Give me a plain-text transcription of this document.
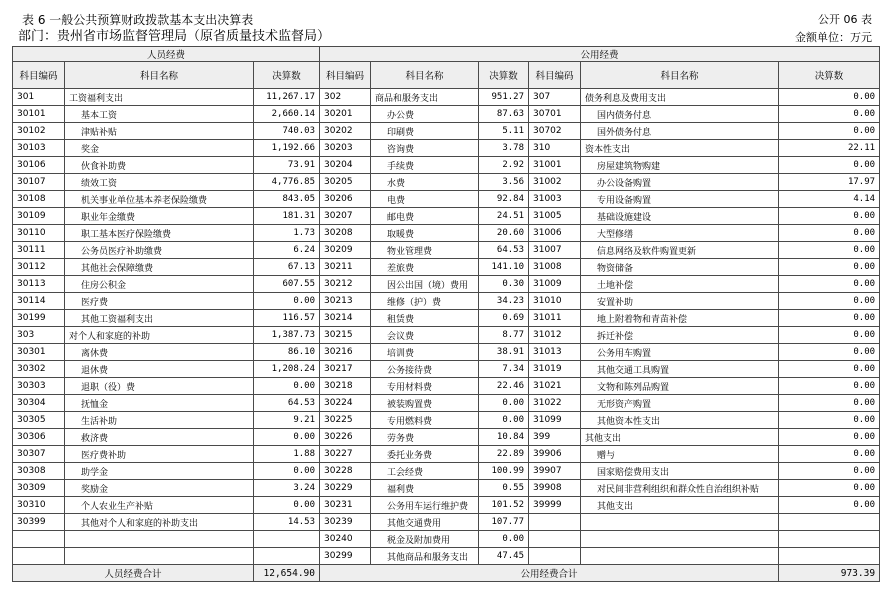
表 6 一般公共预算财政拨款基本支出决算表
部门：贵州省市场监督管理局（原省质量技术监督局）
公开 06 表
金额单位：万元
人员经费			公用经费					
科目编码	科目名称	决算数	科目编码	科目名称	决算数	科目编码	科目名称	决算数
301	工资福利支出	11,267.17	302	商品和服务支出	951.27	307	债务利息及费用支出	0.00
30101	基本工资	2,660.14	30201	办公费	87.63	30701	国内债务付息	0.00
30102	津贴补贴	740.03	30202	印刷费	5.11	30702	国外债务付息	0.00
30103	奖金	1,192.66	30203	咨询费	3.78	310	资本性支出	22.11
30106	伙食补助费	73.91	30204	手续费	2.92	31001	房屋建筑物购建	0.00
30107	绩效工资	4,776.85	30205	水费	3.56	31002	办公设备购置	17.97
30108	机关事业单位基本养老保险缴费	843.05	30206	电费	92.84	31003	专用设备购置	4.14
30109	职业年金缴费	181.31	30207	邮电费	24.51	31005	基础设施建设	0.00
30110	职工基本医疗保险缴费	1.73	30208	取暖费	20.60	31006	大型修缮	0.00
30111	公务员医疗补助缴费	6.24	30209	物业管理费	64.53	31007	信息网络及软件购置更新	0.00
30112	其他社会保障缴费	67.13	30211	差旅费	141.10	31008	物资储备	0.00
30113	住房公积金	607.55	30212	因公出国（境）费用	0.30	31009	土地补偿	0.00
30114	医疗费	0.00	30213	维修（护）费	34.23	31010	安置补助	0.00
30199	其他工资福利支出	116.57	30214	租赁费	0.69	31011	地上附着物和青苗补偿	0.00
303	对个人和家庭的补助	1,387.73	30215	会议费	8.77	31012	拆迁补偿	0.00
30301	离休费	86.10	30216	培训费	38.91	31013	公务用车购置	0.00
30302	退休费	1,208.24	30217	公务接待费	7.34	31019	其他交通工具购置	0.00
30303	退职（役）费	0.00	30218	专用材料费	22.46	31021	文物和陈列品购置	0.00
30304	抚恤金	64.53	30224	被装购置费	0.00	31022	无形资产购置	0.00
30305	生活补助	9.21	30225	专用燃料费	0.00	31099	其他资本性支出	0.00
30306	救济费	0.00	30226	劳务费	10.84	399	其他支出	0.00
30307	医疗费补助	1.88	30227	委托业务费	22.89	39906	赠与	0.00
30308	助学金	0.00	30228	工会经费	100.99	39907	国家赔偿费用支出	0.00
30309	奖励金	3.24	30229	福利费	0.55	39908	对民间非营利组织和群众性自治组织补贴	0.00
30310	个人农业生产补贴	0.00	30231	公务用车运行维护费	101.52	39999	其他支出	0.00
30399	其他对个人和家庭的补助支出	14.53	30239	其他交通费用	107.77			
			30240	税金及附加费用	0.00			
			30299	其他商品和服务支出	47.45			
人员经费合计		12,654.90	公用经费合计					973.39
